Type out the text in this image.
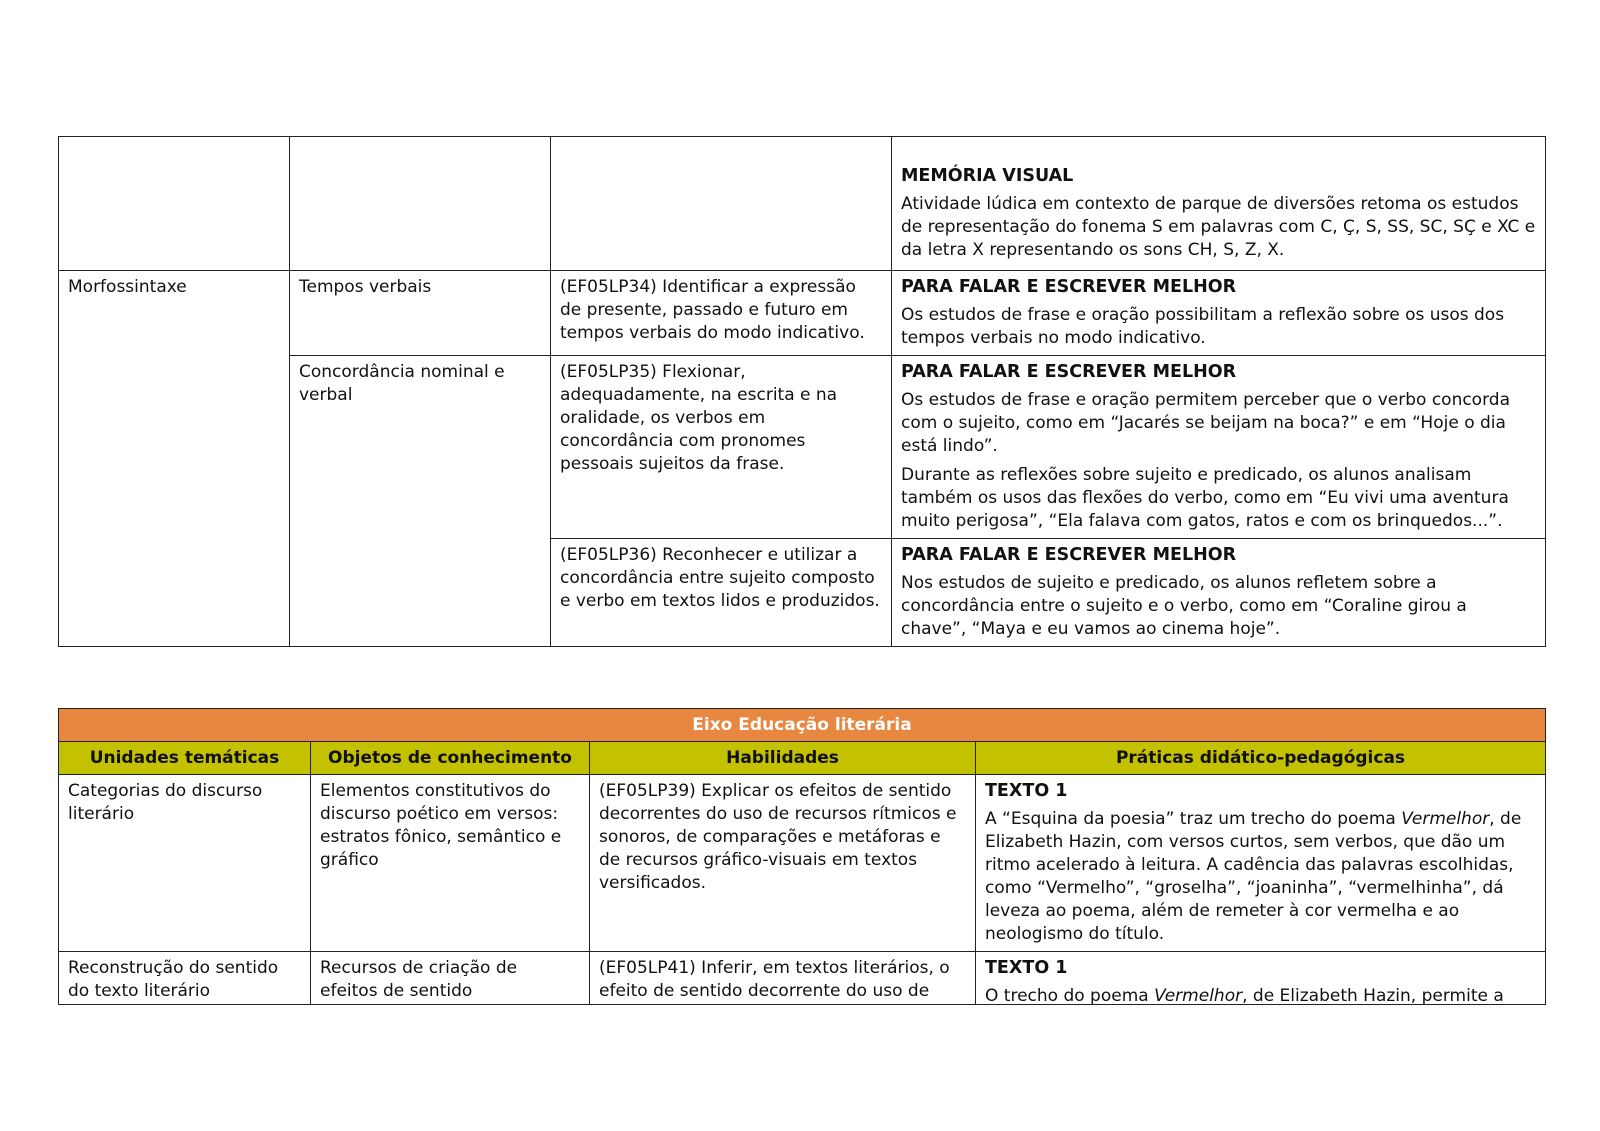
			MEMÓRIA VISUAL

Atividade lúdica em contexto de parque de diversões retoma os estudos de representação do fonema S em palavras com C, Ç, S, SS, SC, SÇ e XC e da letra X representando os sons CH, S, Z, X.

Morfossintaxe	Tempos verbais	(EF05LP34) Identificar a expressão de presente, passado e futuro em tempos verbais do modo indicativo.	PARA FALAR E ESCREVER MELHOR

Os estudos de frase e oração possibilitam a reflexão sobre os usos dos tempos verbais no modo indicativo.

	Concordância nominal e verbal	(EF05LP35) Flexionar, adequadamente, na escrita e na oralidade, os verbos em concordância com pronomes pessoais sujeitos da frase.	PARA FALAR E ESCREVER MELHOR

Os estudos de frase e oração permitem perceber que o verbo concorda com o sujeito, como em “Jacarés se beijam na boca?” e em “Hoje o dia está lindo”.

Durante as reflexões sobre sujeito e predicado, os alunos analisam também os usos das flexões do verbo, como em “Eu vivi uma aventura muito perigosa”, “Ela falava com gatos, ratos e com os brinquedos...”.

		(EF05LP36) Reconhecer e utilizar a concordância entre sujeito composto e verbo em textos lidos e produzidos.	PARA FALAR E ESCREVER MELHOR

Nos estudos de sujeito e predicado, os alunos refletem sobre a concordância entre o sujeito e o verbo, como em “Coraline girou a chave”, “Maya e eu vamos ao cinema hoje”.

Eixo Educação literária			
Unidades temáticas	Objetos de conhecimento	Habilidades	Práticas didático-pedagógicas
Categorias do discurso literário	Elementos constitutivos do discurso poético em versos: estratos fônico, semântico e gráfico	(EF05LP39) Explicar os efeitos de sentido decorrentes do uso de recursos rítmicos e sonoros, de comparações e metáforas e de recursos gráfico-visuais em textos versificados.	TEXTO 1

A “Esquina da poesia” traz um trecho do poema Vermelhor, de Elizabeth Hazin, com versos curtos, sem verbos, que dão um ritmo acelerado à leitura. A cadência das palavras escolhidas, como “Vermelho”, “groselha”, “joaninha”, “vermelhinha”, dá leveza ao poema, além de remeter à cor vermelha e ao neologismo do título.

Reconstrução do sentido do texto literário	Recursos de criação de efeitos de sentido	(EF05LP41) Inferir, em textos literários, o efeito de sentido decorrente do uso de	TEXTO 1

O trecho do poema Vermelhor, de Elizabeth Hazin, permite a
